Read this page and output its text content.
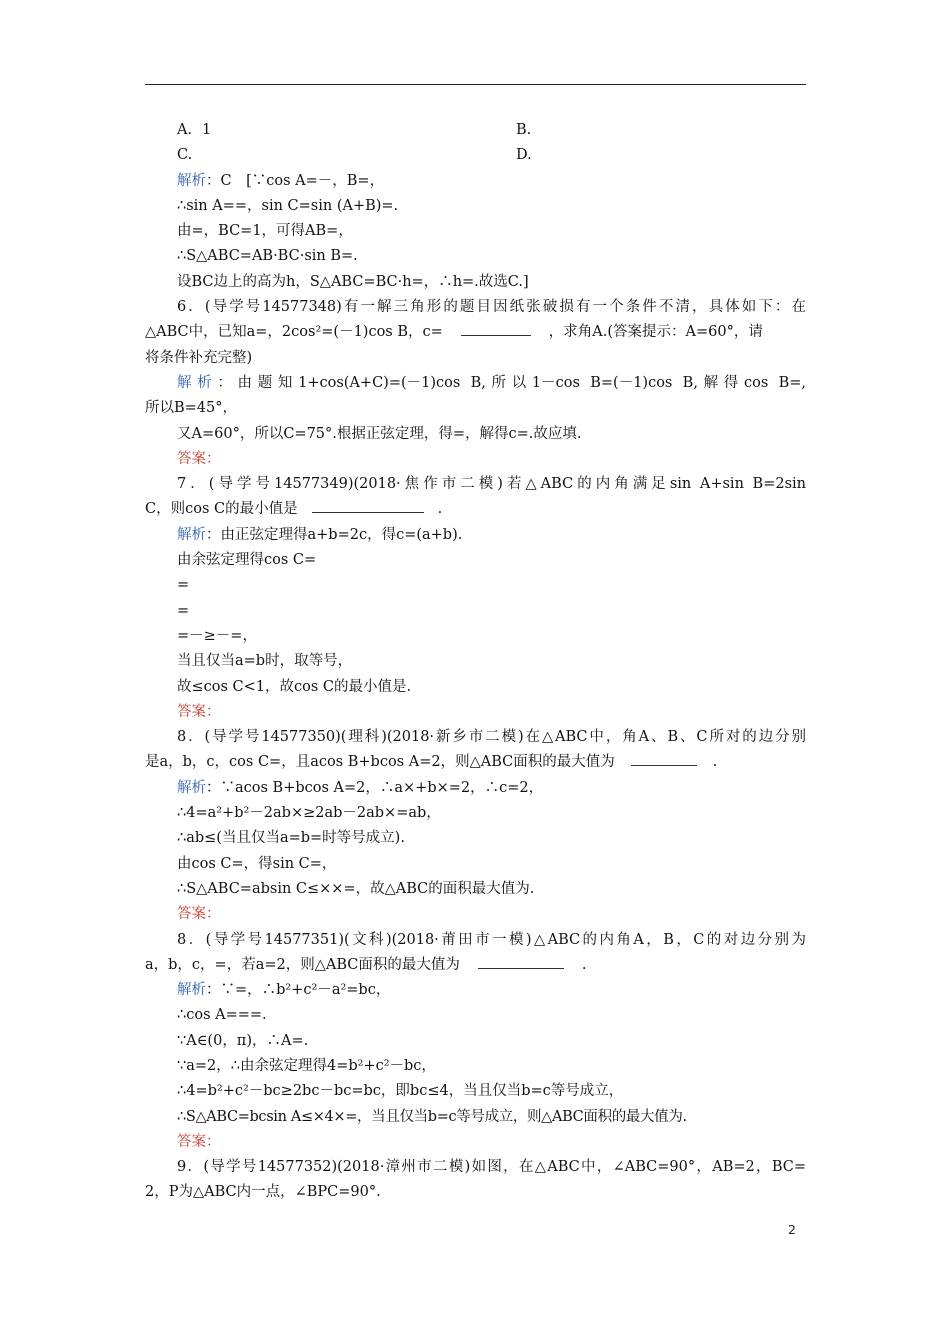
A．1	B.
C.	D.
解析：C　[∵cos A=－，B=，
∴sin A==，sin C=sin (A+B)=.
由=，BC=1，可得AB=，
∴S△ABC=AB·BC·sin B=.
设BC边上的高为h，S△ABC=BC·h=，∴h=.故选C.]
6．(导学号14577348)有一解三角形的题目因纸张破损有一个条件不清，具体如下：在
△ABC中，已知a=，2cos²=(－1)cos B，c=	，求角A.(答案提示：A=60°，请
将条件补充完整)
解析：由题知1+cos(A+C)=(－1)cos B,所以1－cos B=(－1)cos B,解得cos B=,
所以B=45°，
又A=60°，所以C=75°.根据正弦定理，得=，解得c=.故应填.
答案：
7．(导学号14577349)(2018·焦作市二模)若△ABC的内角满足sin A+sin B=2sin
C，则cos C的最小值是	.
解析：由正弦定理得a+b=2c，得c=(a+b).
由余弦定理得cos C=
=
=
=－≥－=，
当且仅当a=b时，取等号，
故≤cos C<1，故cos C的最小值是.
答案：
8．(导学号14577350)(理科)(2018·新乡市二模)在△ABC中，角A、B、C所对的边分别
是a，b，c，cos C=，且acos B+bcos A=2，则△ABC面积的最大值为	.
解析：∵acos B+bcos A=2，∴a×+b×=2，∴c=2，
∴4=a²+b²－2ab×≥2ab－2ab×=ab，
∴ab≤(当且仅当a=b=时等号成立).
由cos C=，得sin C=，
∴S△ABC=absin C≤××=，故△ABC的面积最大值为.
答案：
8．(导学号14577351)(文科)(2018·莆田市一模)△ABC的内角A，B，C的对边分别为
a，b，c，=，若a=2，则△ABC面积的最大值为	.
解析：∵=，∴b²+c²－a²=bc，
∴cos A===.
∵A∈(0，π)，∴A=.
∵a=2，∴由余弦定理得4=b²+c²－bc，
∴4=b²+c²－bc≥2bc－bc=bc，即bc≤4，当且仅当b=c等号成立，
∴S△ABC=bcsin A≤×4×=，当且仅当b=c等号成立，则△ABC面积的最大值为.
答案：
9．(导学号14577352)(2018·漳州市二模)如图，在△ABC中，∠ABC=90°，AB=2，BC=
2，P为△ABC内一点，∠BPC=90°.
2
